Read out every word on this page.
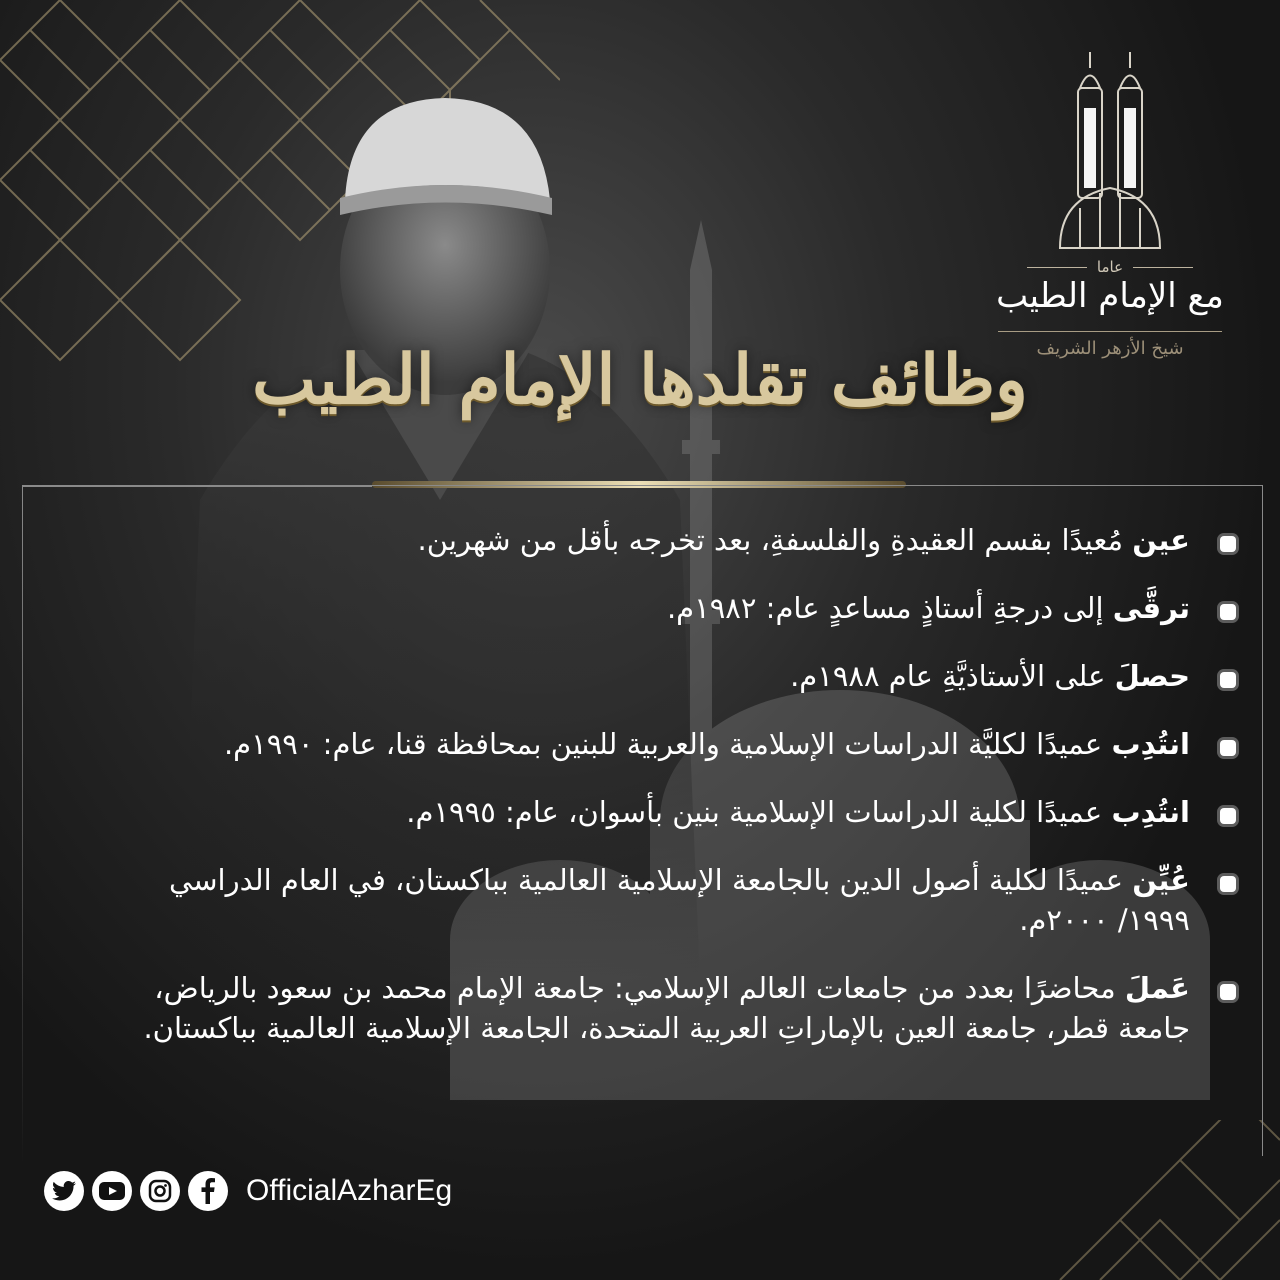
عاما
مع الإمام الطيب
شيخ الأزهر الشريف
وظائف تقلدها الإمام الطيب
عين مُعيدًا بقسم العقيدةِ والفلسفةِ، بعد تخرجه بأقل من شهرين.
ترقَّى إلى درجةِ أستاذٍ مساعدٍ عام: ١٩٨٢م.
حصلَ على الأستاذيَّةِ عام ١٩٨٨م.
انتُدِب عميدًا لكليَّة الدراسات الإسلامية والعربية للبنين بمحافظة قنا، عام: ١٩٩٠م.
انتُدِب عميدًا لكلية الدراسات الإسلامية بنين بأسوان، عام: ١٩٩٥م.
عُيِّن عميدًا لكلية أصول الدين بالجامعة الإسلامية العالمية بباكستان، في العام الدراسي ١٩٩٩/ ٢٠٠٠م.
عَملَ محاضرًا بعدد من جامعات العالم الإسلامي: جامعة الإمام محمد بن سعود بالرياض، جامعة قطر، جامعة العين بالإماراتِ العربية المتحدة، الجامعة الإسلامية العالمية بباكستان.
OfficialAzharEg
